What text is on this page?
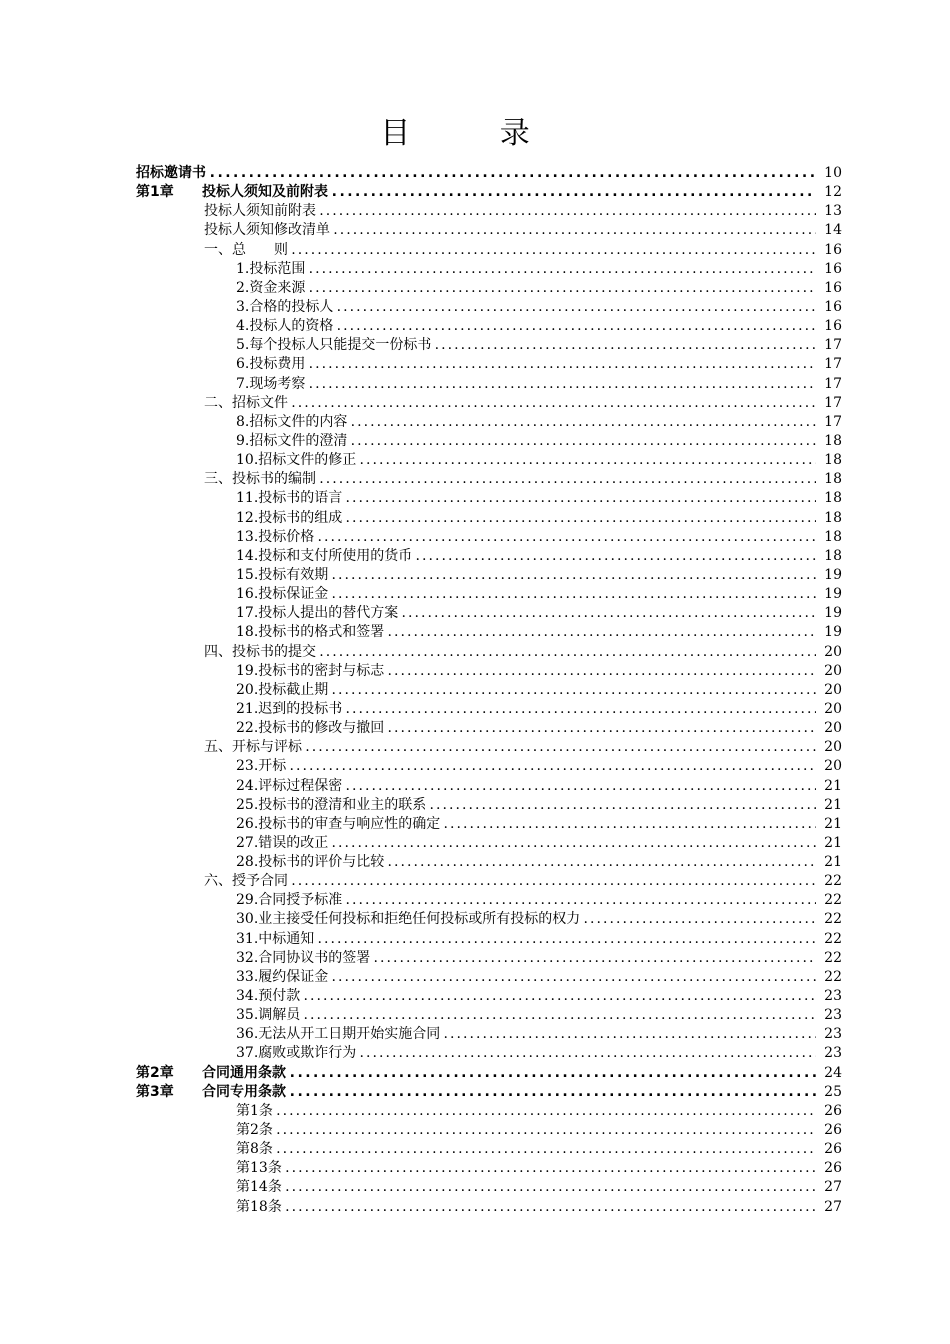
目 录
招标邀请书 . . .	10
第1章 投标人须知及前附表 . . .	12
投标人须知前附表 . . .	13
投标人须知修改清单 . . .	14
一、总　　则 . . .	16
1.投标范围 . . .	16
2.资金来源 . . .	16
3.合格的投标人 . . .	16
4.投标人的资格 . . .	16
5.每个投标人只能提交一份标书 . . .	17
6.投标费用 . . .	17
7.现场考察 . . .	17
二、招标文件 . . .	17
8.招标文件的内容 . . .	17
9.招标文件的澄清 . . .	18
10.招标文件的修正 . . .	18
三、投标书的编制 . . .	18
11.投标书的语言 . . .	18
12.投标书的组成 . . .	18
13.投标价格 . . .	18
14.投标和支付所使用的货币 . . .	18
15.投标有效期 . . .	19
16.投标保证金 . . .	19
17.投标人提出的替代方案 . . .	19
18.投标书的格式和签署 . . .	19
四、投标书的提交 . . .	20
19.投标书的密封与标志 . . .	20
20.投标截止期 . . .	20
21.迟到的投标书 . . .	20
22.投标书的修改与撤回 . . .	20
五、开标与评标 . . .	20
23.开标 . . .	20
24.评标过程保密 . . .	21
25.投标书的澄清和业主的联系 . . .	21
26.投标书的审查与响应性的确定 . . .	21
27.错误的改正 . . .	21
28.投标书的评价与比较 . . .	21
六、授予合同 . . .	22
29.合同授予标准 . . .	22
30.业主接受任何投标和拒绝任何投标或所有投标的权力 . . .	22
31.中标通知 . . .	22
32.合同协议书的签署 . . .	22
33.履约保证金 . . .	22
34.预付款 . . .	23
35.调解员 . . .	23
36.无法从开工日期开始实施合同 . . .	23
37.腐败或欺诈行为 . . .	23
第2章 合同通用条款 . . .	24
第3章 合同专用条款 . . .	25
第1条 . . .	26
第2条 . . .	26
第8条 . . .	26
第13条 . . .	26
第14条 . . .	27
第18条 . . .	27
